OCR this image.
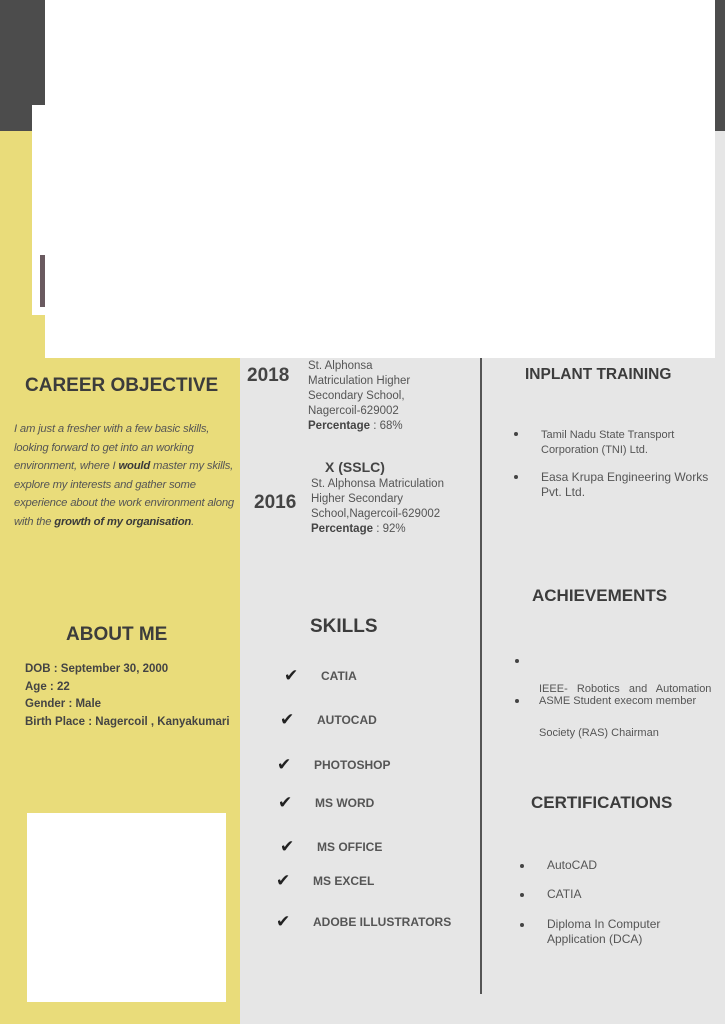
CAREER OBJECTIVE
I am just a fresher with a few basic skills, looking forward to get into an working environment, where I would master my skills, explore my interests and gather some experience about the work environment along with the growth of my organisation.
ABOUT ME
DOB : September 30, 2000
Age : 22
Gender : Male
Birth Place : Nagercoil , Kanyakumari
2018 St. Alphonsa
Matriculation Higher
Secondary School,
Nagercoil-629002
Percentage : 68%
X (SSLC)
2016
St. Alphonsa Matriculation
Higher Secondary
School,Nagercoil-629002
Percentage : 92%
SKILLS
✔	CATIA
✔	AUTOCAD
✔	PHOTOSHOP
✔	MS WORD
✔	MS OFFICE
✔	MS EXCEL
✔	ADOBE ILLUSTRATORS
INPLANT TRAINING
Tamil Nadu State Transport
Corporation (TNI) Ltd.
Easa Krupa Engineering Works
Pvt. Ltd.
ACHIEVEMENTS

IEEE-   Robotics   and   Automation

Society (RAS) Chairman

ASME Student execom member
CERTIFICATIONS
AutoCAD
CATIA
Diploma In Computer
Application (DCA)
